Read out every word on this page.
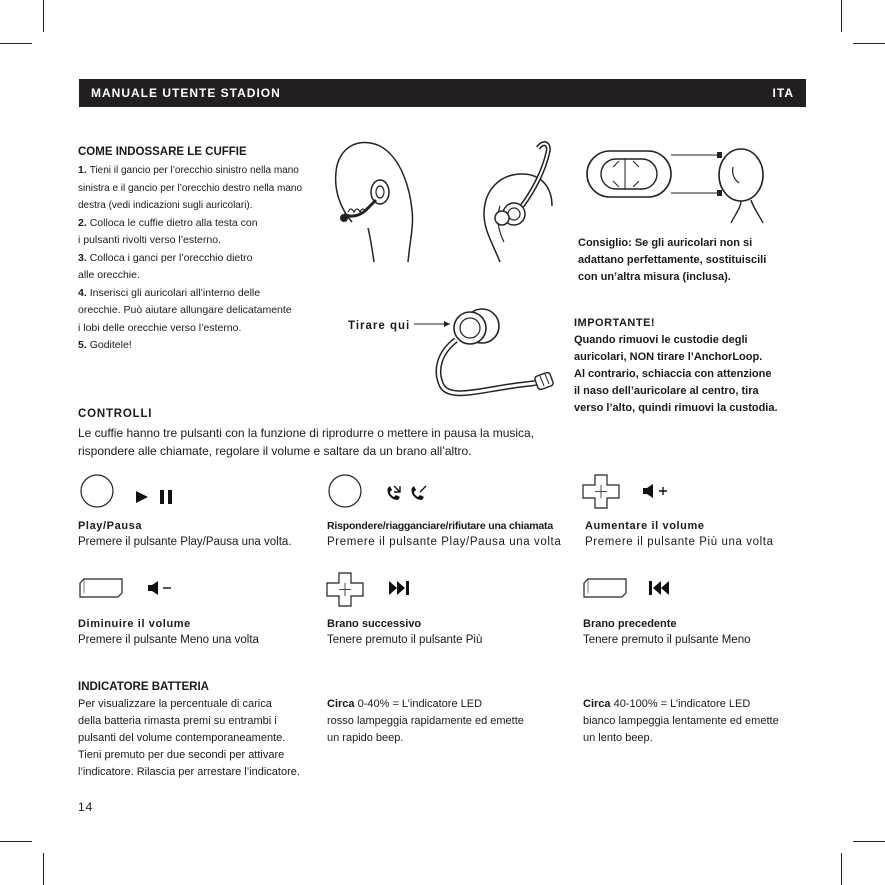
MANUALE UTENTE STADION	ITA
COME INDOSSARE LE CUFFIE
1. Tieni il gancio per l’orecchio sinistro nella mano
sinistra e il gancio per l’orecchio destro nella mano
destra (vedi indicazioni sugli auricolari).
2. Colloca le cuffie dietro alla testa con
i pulsanti rivolti verso l’esterno.
3. Colloca i ganci per l’orecchio dietro
alle orecchie.
4. Inserisci gli auricolari all’interno delle
orecchie. Può aiutare allungare delicatamente
i lobi delle orecchie verso l’esterno.
5. Goditele!
Consiglio: Se gli auricolari non si
adattano perfettamente, sostituiscili
con un’altra misura (inclusa).
Tirare qui	IMPORTANTE!
Quando rimuovi le custodie degli
auricolari, NON tirare l’AnchorLoop.
Al contrario, schiaccia con attenzione
il naso dell’auricolare al centro, tira
verso l’alto, quindi rimuovi la custodia.
CONTROLLI
Le cuffie hanno tre pulsanti con la funzione di riprodurre o mettere in pausa la musica,
rispondere alle chiamate, regolare il volume e saltare da un brano all’altro.
Play/Pausa
Premere il pulsante Play/Pausa una volta.
Rispondere/riagganciare/rifiutare una chiamata
Premere il pulsante Play/Pausa una volta
Aumentare il volume
Premere il pulsante Più una volta
Diminuire il volume
Premere il pulsante Meno una volta
Brano successivo
Tenere premuto il pulsante Più
Brano precedente
Tenere premuto il pulsante Meno
INDICATORE BATTERIA
Per visualizzare la percentuale di carica
della batteria rimasta premi su entrambi i
pulsanti del volume contemporaneamente.
Tieni premuto per due secondi per attivare
l’indicatore. Rilascia per arrestare l’indicatore.
Circa 0-40% = L’indicatore LED
rosso lampeggia rapidamente ed emette
un rapido beep.
Circa 40-100% = L’indicatore LED
bianco lampeggia lentamente ed emette
un lento beep.
14
